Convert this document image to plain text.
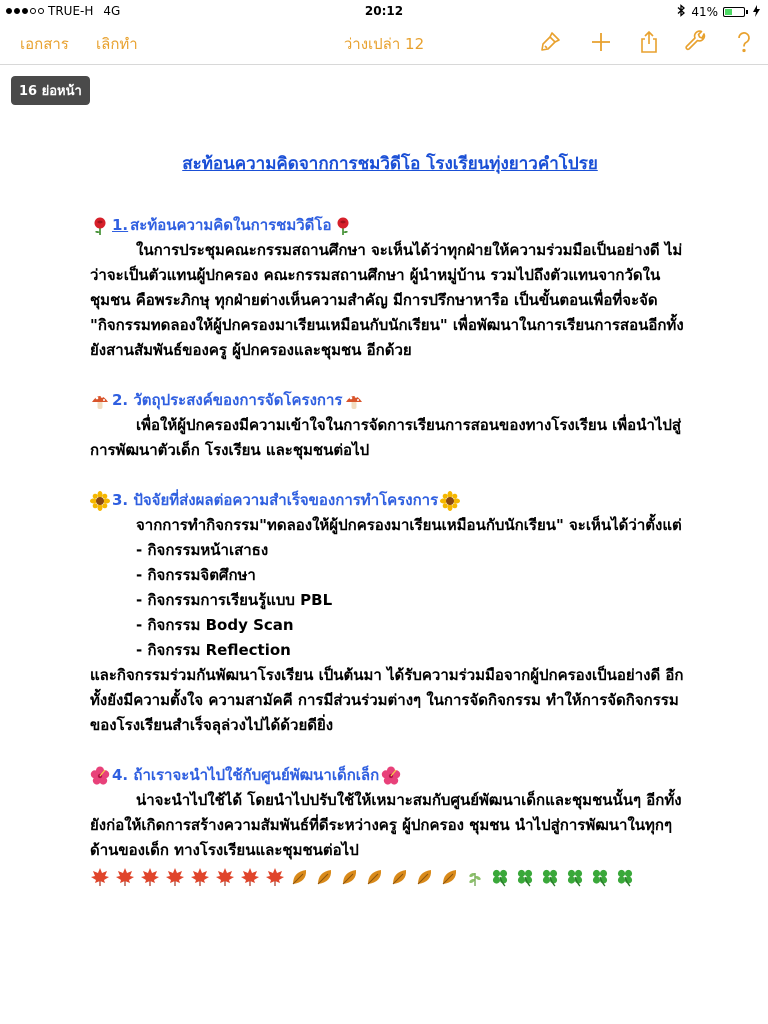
TRUE-H 4G	20:12	41%
เอกสาร เลิกทำ	ว่างเปล่า 12
16 ย่อหน้า

สะท้อนความคิดจากการชมวิดีโอ โรงเรียนทุ่งยาวคำโปรย

1. สะท้อนความคิดในการชมวิดีโอ

ในการประชุมคณะกรรมสถานศึกษา จะเห็นได้ว่าทุกฝ่ายให้ความร่วมมือเป็นอย่างดี ไม่ว่าจะเป็นตัวแทนผู้ปกครอง คณะกรรมสถานศึกษา ผู้นำหมู่บ้าน รวมไปถึงตัวแทนจากวัดในชุมชน คือพระภิกษุ ทุกฝ่ายต่างเห็นความสำคัญ มีการปรึกษาหารือ เป็นขั้นตอนเพื่อที่จะจัด "กิจกรรมทดลองให้ผู้ปกครองมาเรียนเหมือนกับนักเรียน" เพื่อพัฒนาในการเรียนการสอนอีกทั้งยังสานสัมพันธ์ของครู ผู้ปกครองและชุมชน อีกด้วย

2. วัตถุประสงค์ของการจัดโครงการ

เพื่อให้ผู้ปกครองมีความเข้าใจในการจัดการเรียนการสอนของทางโรงเรียน เพื่อนำไปสู่การพัฒนาตัวเด็ก โรงเรียน และชุมชนต่อไป

3. ปัจจัยที่ส่งผลต่อความสำเร็จของการทำโครงการ

จากการทำกิจกรรม"ทดลองให้ผู้ปกครองมาเรียนเหมือนกับนักเรียน" จะเห็นได้ว่าตั้งแต่

- กิจกรรมหน้าเสาธง
- กิจกรรมจิตศึกษา
- กิจกรรมการเรียนรู้แบบ PBL
- กิจกรรม Body Scan
- กิจกรรม Reflection

และกิจกรรมร่วมกันพัฒนาโรงเรียน เป็นต้นมา ได้รับความร่วมมือจากผู้ปกครองเป็นอย่างดี อีกทั้งยังมีความตั้งใจ ความสามัคคี การมีส่วนร่วมต่างๆ ในการจัดกิจกรรม ทำให้การจัดกิจกรรมของโรงเรียนสำเร็จลุล่วงไปได้ด้วยดียิ่ง

4. ถ้าเราจะนำไปใช้กับศูนย์พัฒนาเด็กเล็ก

น่าจะนำไปใช้ได้ โดยนำไปปรับใช้ให้เหมาะสมกับศูนย์พัฒนาเด็กและชุมชนนั้นๆ อีกทั้งยังก่อให้เกิดการสร้างความสัมพันธ์ที่ดีระหว่างครู ผู้ปกครอง ชุมชน นำไปสู่การพัฒนาในทุกๆด้านของเด็ก ทางโรงเรียนและชุมชนต่อไป
